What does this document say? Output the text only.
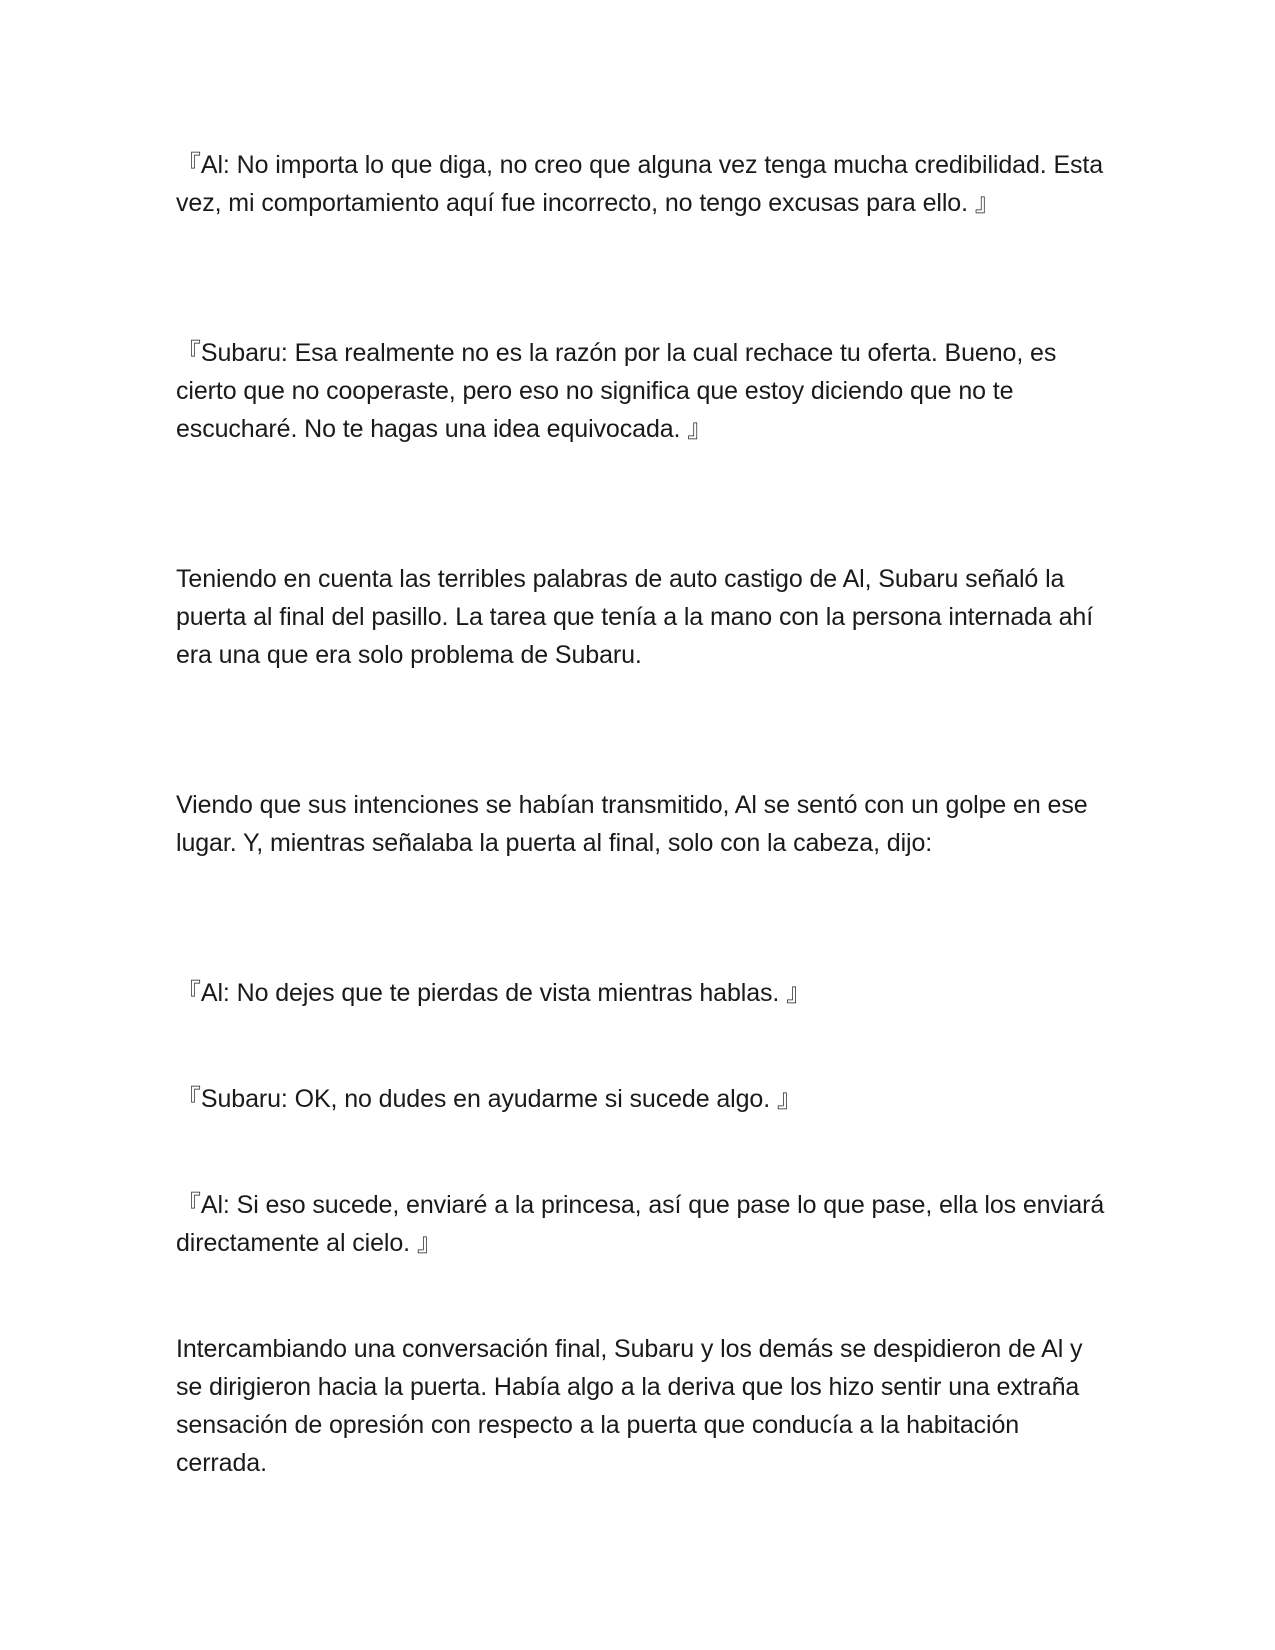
『Al: No importa lo que diga, no creo que alguna vez tenga mucha credibilidad. Esta vez, mi comportamiento aquí fue incorrecto, no tengo excusas para ello. 』

『Subaru: Esa realmente no es la razón por la cual rechace tu oferta. Bueno, es cierto que no cooperaste, pero eso no significa que estoy diciendo que no te escucharé. No te hagas una idea equivocada. 』

Teniendo en cuenta las terribles palabras de auto castigo de Al, Subaru señaló la puerta al final del pasillo. La tarea que tenía a la mano con la persona internada ahí era una que era solo problema de Subaru.

Viendo que sus intenciones se habían transmitido, Al se sentó con un golpe en ese lugar. Y, mientras señalaba la puerta al final, solo con la cabeza, dijo:

『Al: No dejes que te pierdas de vista mientras hablas. 』

『Subaru: OK, no dudes en ayudarme si sucede algo. 』

『Al: Si eso sucede, enviaré a la princesa, así que pase lo que pase, ella los enviará directamente al cielo. 』

Intercambiando una conversación final, Subaru y los demás se despidieron de Al y se dirigieron hacia la puerta. Había algo a la deriva que los hizo sentir una extraña sensación de opresión con respecto a la puerta que conducía a la habitación cerrada.
